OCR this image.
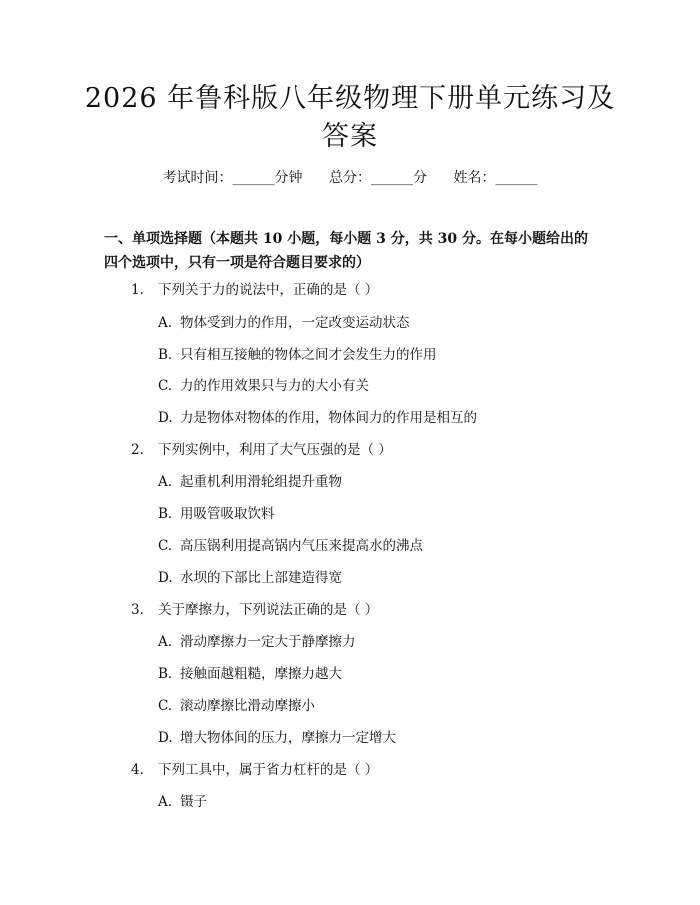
2026 年鲁科版八年级物理下册单元练习及答案
考试时间：______分钟 总分：______分 姓名：______
一、单项选择题（本题共 10 小题，每小题 3 分，共 30 分。在每小题给出的四个选项中，只有一项是符合题目要求的）
1. 下列关于力的说法中，正确的是（ ）
A. 物体受到力的作用，一定改变运动状态
B. 只有相互接触的物体之间才会发生力的作用
C. 力的作用效果只与力的大小有关
D. 力是物体对物体的作用，物体间力的作用是相互的
2. 下列实例中，利用了大气压强的是（ ）
A. 起重机利用滑轮组提升重物
B. 用吸管吸取饮料
C. 高压锅利用提高锅内气压来提高水的沸点
D. 水坝的下部比上部建造得宽
3. 关于摩擦力，下列说法正确的是（ ）
A. 滑动摩擦力一定大于静摩擦力
B. 接触面越粗糙，摩擦力越大
C. 滚动摩擦比滑动摩擦小
D. 增大物体间的压力，摩擦力一定增大
4. 下列工具中，属于省力杠杆的是（ ）
A. 镊子
